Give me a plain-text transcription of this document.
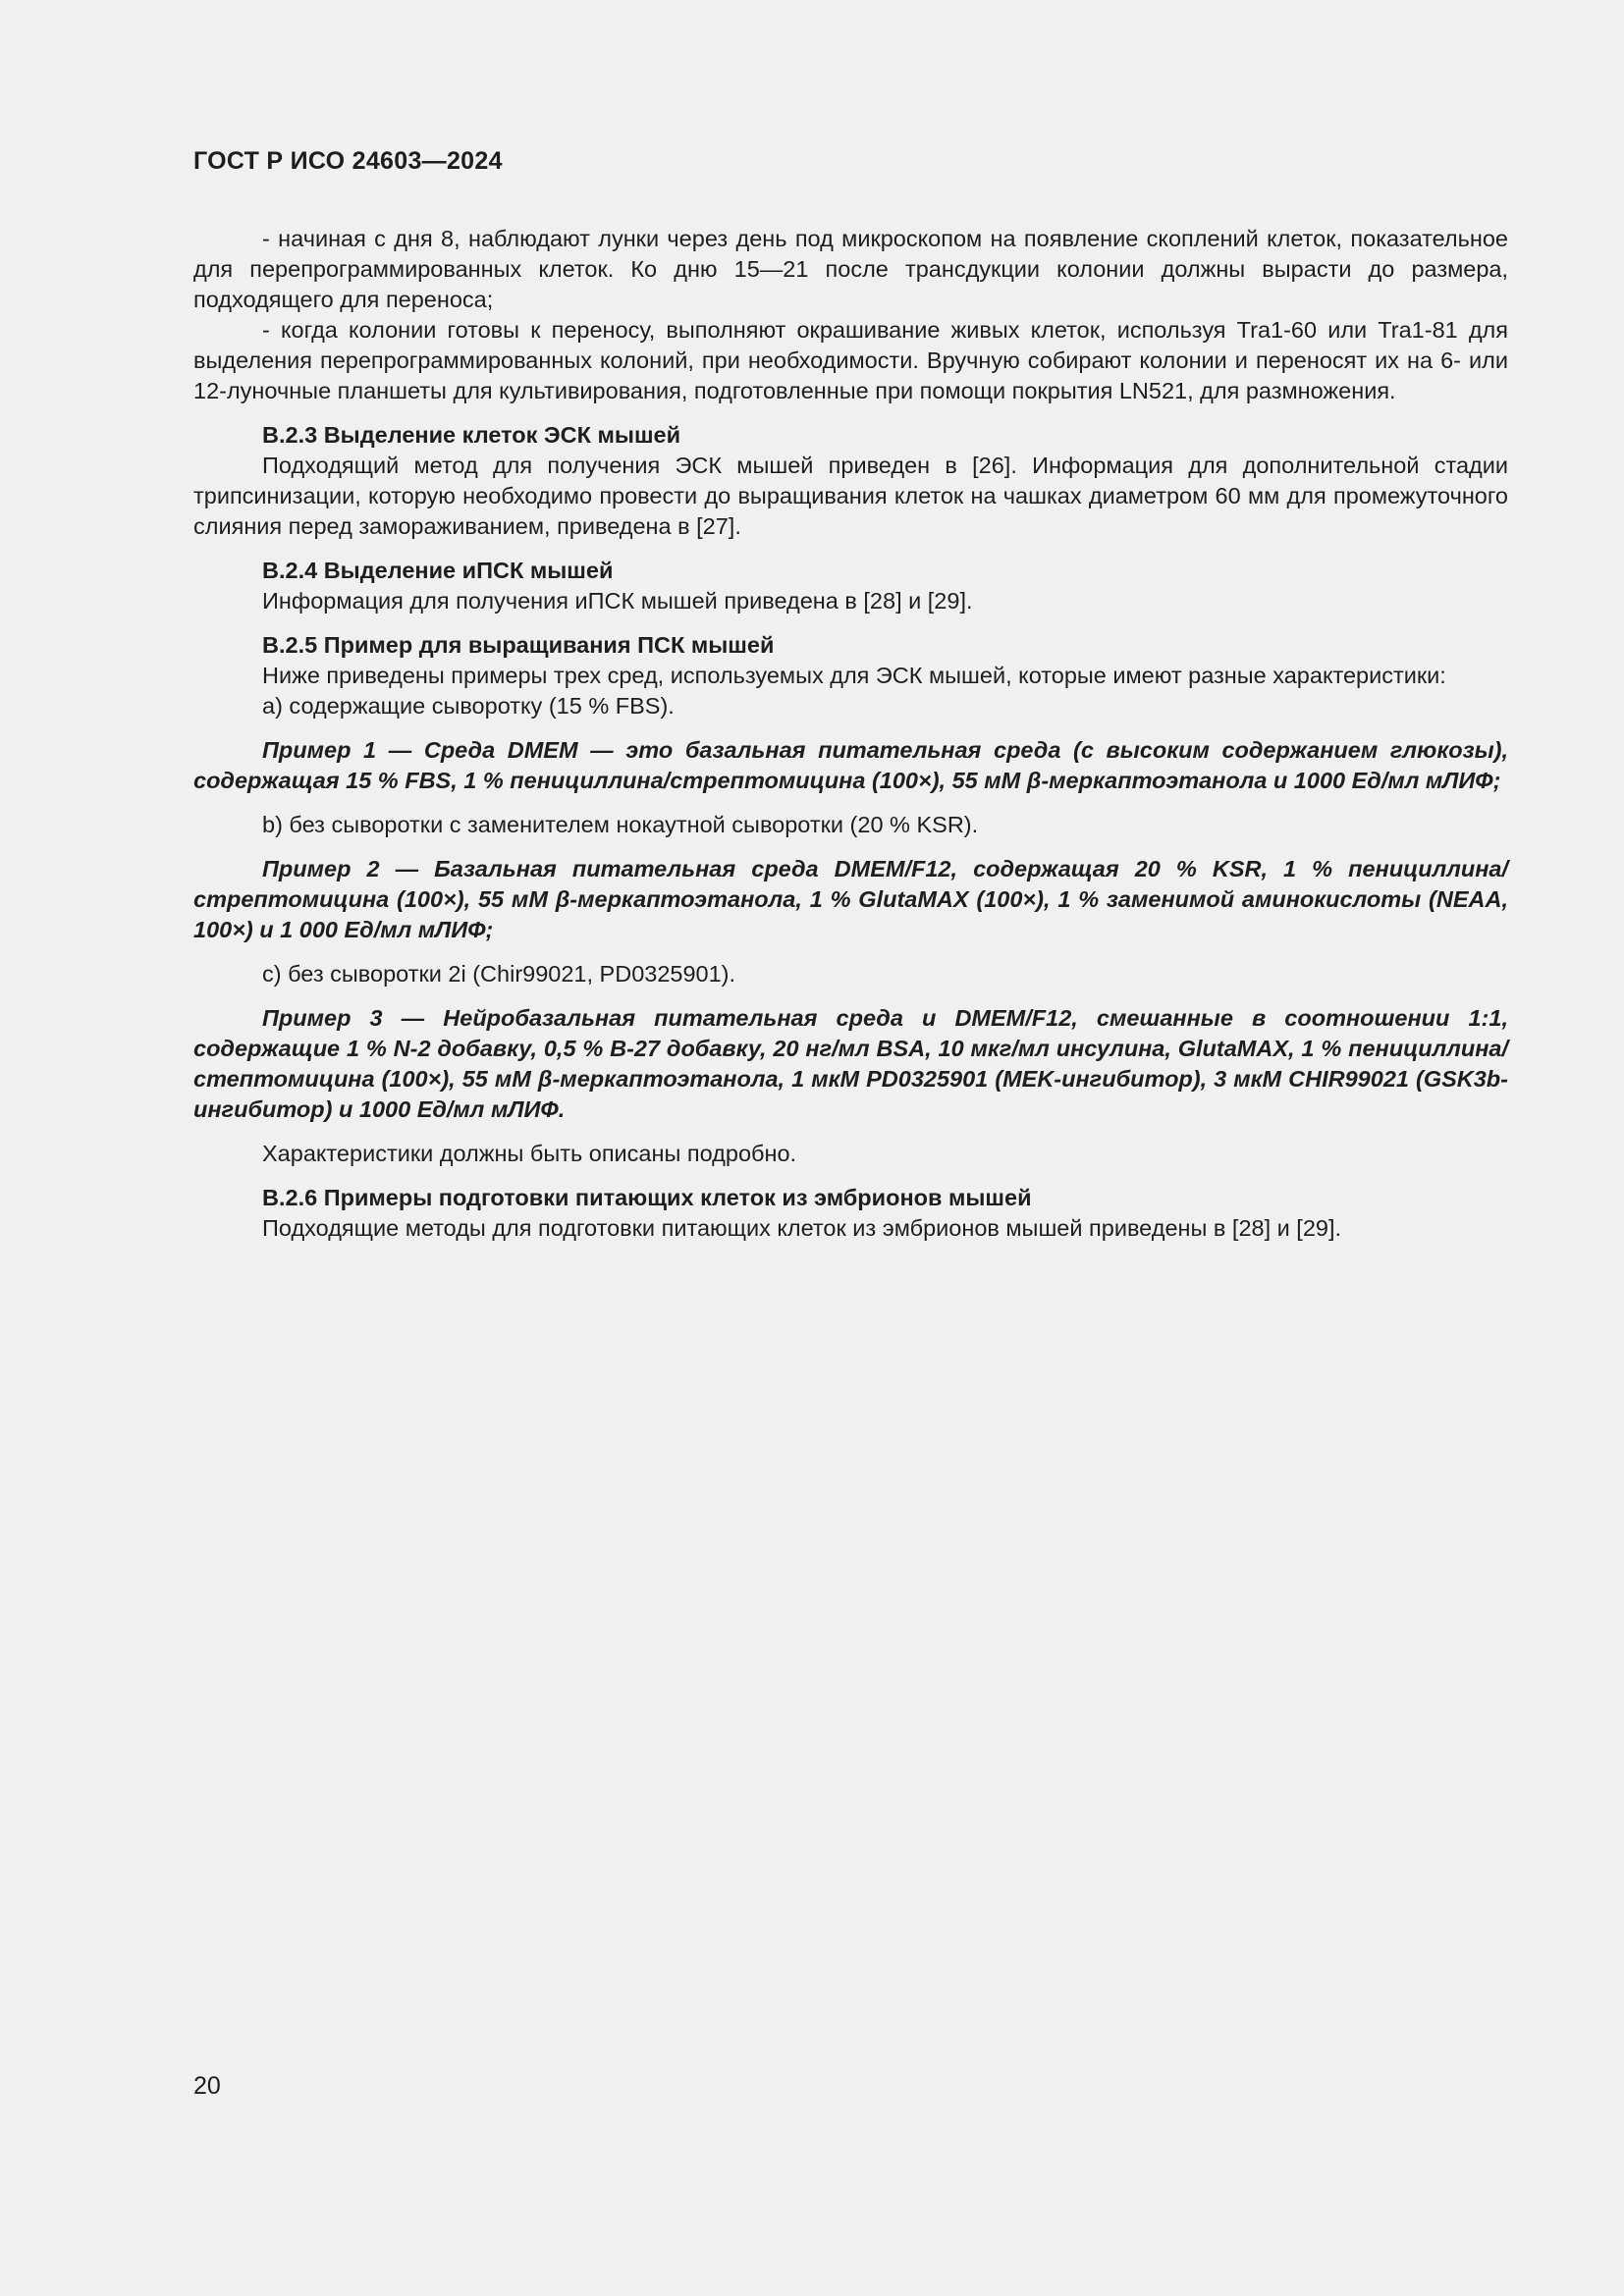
ГОСТ Р ИСО 24603—2024

- начиная с дня 8, наблюдают лунки через день под микроскопом на появление скоплений клеток, показательное для перепрограммированных клеток. Ко дню 15—21 после трансдукции колонии должны вырасти до размера, подходящего для переноса;

- когда колонии готовы к переносу, выполняют окрашивание живых клеток, используя Tra1-60 или Tra1-81 для выделения перепрограммированных колоний, при необходимости. Вручную собирают колонии и переносят их на 6- или 12-луночные планшеты для культивирования, подготовленные при помощи покрытия LN521, для размножения.

В.2.3 Выделение клеток ЭСК мышей

Подходящий метод для получения ЭСК мышей приведен в [26]. Информация для дополнительной стадии трипсинизации, которую необходимо провести до выращивания клеток на чашках диаметром 60 мм для промежуточного слияния перед замораживанием, приведена в [27].

В.2.4 Выделение иПСК мышей

Информация для получения иПСК мышей приведена в [28] и [29].

В.2.5 Пример для выращивания ПСК мышей

Ниже приведены примеры трех сред, используемых для ЭСК мышей, которые имеют разные характеристики:

а) содержащие сыворотку (15 % FBS).

Пример 1 — Среда DMEM — это базальная питательная среда (с высоким содержанием глюкозы), содержащая 15 % FBS, 1 % пенициллина/стрептомицина (100×), 55 мМ β-меркаптоэтанола и 1000 Ед/мл мЛИФ;

b) без сыворотки с заменителем нокаутной сыворотки (20 % KSR).

Пример 2 — Базальная питательная среда DMEM/F12, содержащая 20 % KSR, 1 % пенициллина/стрептомицина (100×), 55 мМ β-меркаптоэтанола, 1 % GlutaMAX (100×), 1 % заменимой аминокислоты (NEAA, 100×) и 1 000 Ед/мл мЛИФ;

с) без сыворотки 2i (Chir99021, PD0325901).

Пример 3 — Нейробазальная питательная среда и DMEM/F12, смешанные в соотношении 1:1, содержащие 1 % N-2 добавку, 0,5 % B-27 добавку, 20 нг/мл BSA, 10 мкг/мл инсулина, GlutaMAX, 1 % пенициллина/стептомицина (100×), 55 мМ β-меркаптоэтанола, 1 мкМ PD0325901 (MEK-ингибитор), 3 мкМ CHIR99021 (GSK3b-ингибитор) и 1000 Ед/мл мЛИФ.

Характеристики должны быть описаны подробно.

В.2.6 Примеры подготовки питающих клеток из эмбрионов мышей

Подходящие методы для подготовки питающих клеток из эмбрионов мышей приведены в [28] и [29].

20
